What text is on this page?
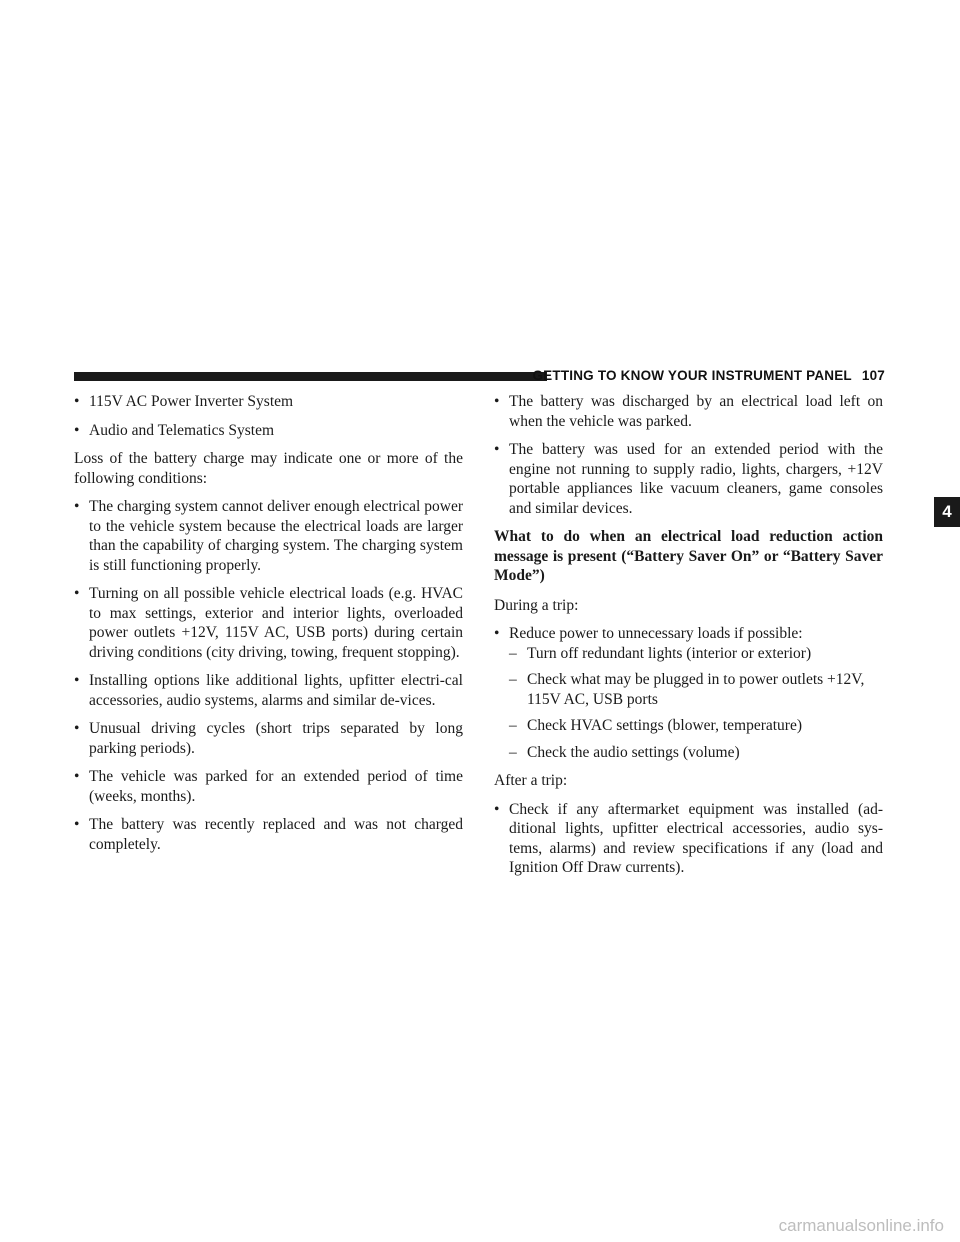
GETTING TO KNOW YOUR INSTRUMENT PANEL 107
4
• 115V AC Power Inverter System
• Audio and Telematics System

Loss of the battery charge may indicate one or more of the following conditions:

• The charging system cannot deliver enough electrical power to the vehicle system because the electrical loads are larger than the capability of charging system. The charging system is still functioning properly.
• Turning on all possible vehicle electrical loads (e.g. HVAC to max settings, exterior and interior lights, overloaded power outlets +12V, 115V AC, USB ports) during certain driving conditions (city driving, towing, frequent stopping).
• Installing options like additional lights, upfitter electri-cal accessories, audio systems, alarms and similar de-vices.
• Unusual driving cycles (short trips separated by long parking periods).
• The vehicle was parked for an extended period of time (weeks, months).
• The battery was recently replaced and was not charged completely.
• The battery was discharged by an electrical load left on when the vehicle was parked.
• The battery was used for an extended period with the engine not running to supply radio, lights, chargers, +12V portable appliances like vacuum cleaners, game consoles and similar devices.

What to do when an electrical load reduction action message is present (“Battery Saver On” or “Battery Saver Mode”)

During a trip:

• Reduce power to unnecessary loads if possible:
– Turn off redundant lights (interior or exterior)
– Check what may be plugged in to power outlets +12V, 115V AC, USB ports
– Check HVAC settings (blower, temperature)
– Check the audio settings (volume)

After a trip:

• Check if any aftermarket equipment was installed (ad-ditional lights, upfitter electrical accessories, audio sys-tems, alarms) and review specifications if any (load and Ignition Off Draw currents).
carmanualsonline.info
